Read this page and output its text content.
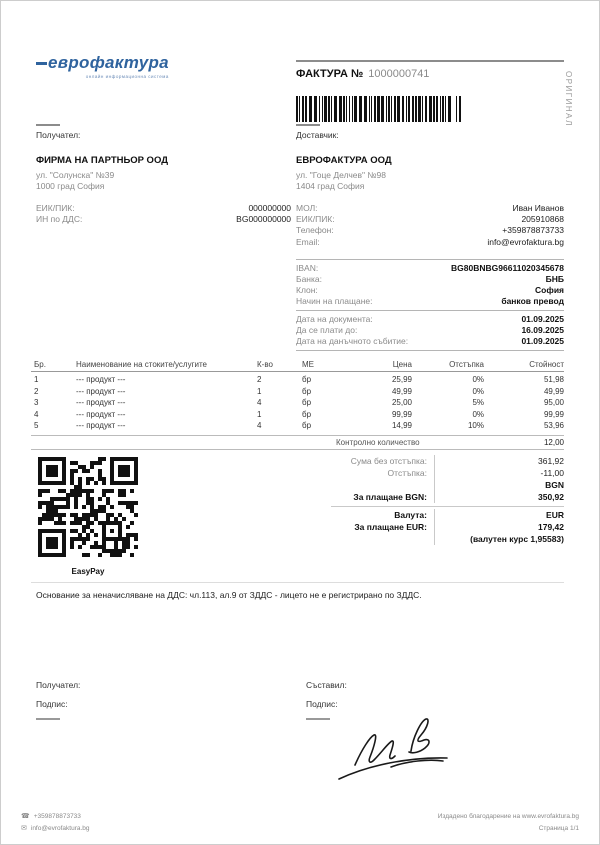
еврофактура
онлайн информационна система	ФАКТУРА № 1000000741	ОРИГИНАЛ
Получател:
ФИРМА НА ПАРТНЬОР ООД
ул. "Солунска" №39
1000 град София
ЕИК/ПИК:	000000000
ИН по ДДС:	BG000000000
Доставчик:
ЕВРОФАКТУРА ООД
ул. "Гоце Делчев" №98
1404 град София
МОЛ:	Иван Иванов
ЕИК/ПИК:	205910868
Телефон:	+359878873733
Email:	info@evrofaktura.bg
IBAN:	BG80BNBG96611020345678
Банка:	БНБ
Клон:	София
Начин на плащане:	банков превод
Дата на документа:	01.09.2025
Да се плати до:	16.09.2025
Дата на данъчното събитие:	01.09.2025
Бр.	Наименование на стоките/услугите	К-во	МЕ	Цена	Отстъпка	Стойност
1	--- продукт ---	2	бр	25,99	0%	51,98
2	--- продукт ---	1	бр	49,99	0%	49,99
3	--- продукт ---	4	бр	25,00	5%	95,00
4	--- продукт ---	1	бр	99,99	0%	99,99
5	--- продукт ---	4	бр	14,99	10%	53,96
Контролно количество	12,00
EasyPay
Сума без отстъпка:	361,92
Отстъпка:	-11,00
BGN
За плащане BGN:	350,92
Валута:	EUR
За плащане EUR:	179,42
(валутен курс 1,95583)
Основание за неначисляване на ДДС: чл.113, ал.9 от ЗДДС - лицето не е регистрирано по ЗДДС.
Получател:
Подпис:
Съставил:
Подпис:
☎ +359878873733
✉ info@evrofaktura.bg
Издадено благодарение на www.evrofaktura.bg
Страница 1/1
